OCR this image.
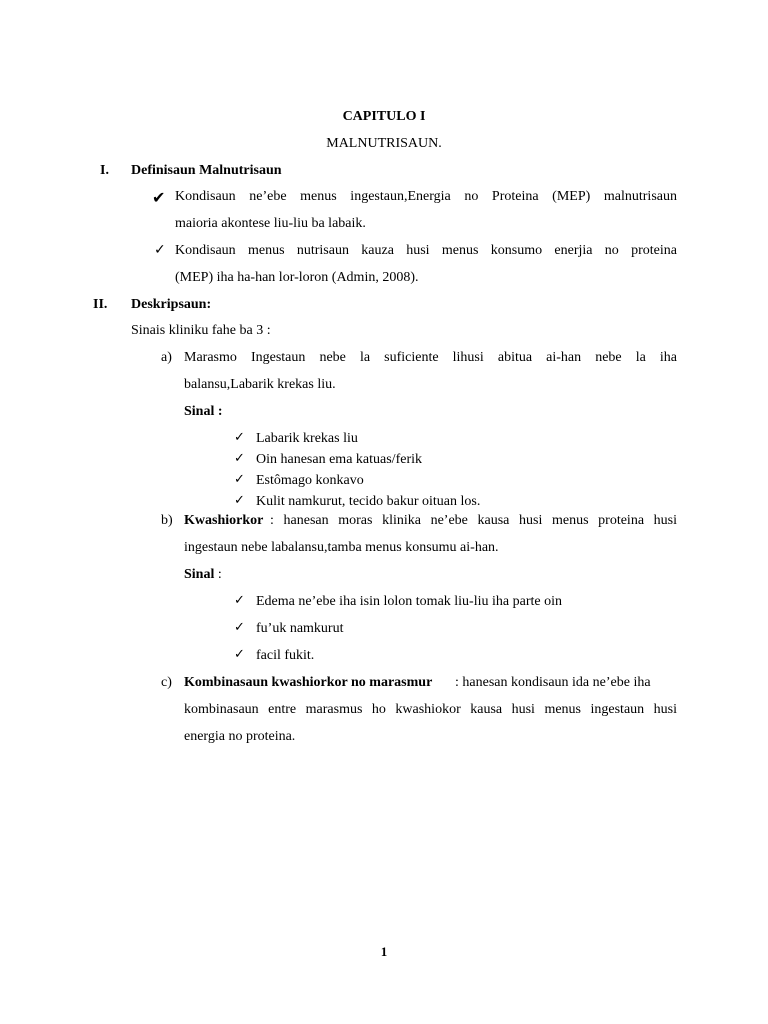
CAPITULO I
MALNUTRISAUN.
I. Definisaun Malnutrisaun
✔ Kondisaun ne’ebe menus ingestaun,Energia no Proteina (MEP) malnutrisaun
maioria akontese liu-liu ba labaik.
✓ Kondisaun menus nutrisaun kauza husi menus konsumo enerjia no proteina
(MEP) iha ha-han lor-loron (Admin, 2008).
II. Deskripsaun:
Sinais kliniku fahe ba 3 :
a) Marasmo Ingestaun nebe la suficiente lihusi abitua ai-han nebe la iha
balansu,Labarik krekas liu.
Sinal :
✓ Labarik krekas liu
✓ Oin hanesan ema katuas/ferik
✓ Estômago konkavo
✓ Kulit namkurut, tecido bakur oituan los.
b) Kwashiorkor : hanesan moras klinika ne’ebe kausa husi menus proteina husi
ingestaun nebe labalansu,tamba menus konsumu ai-han.
Sinal :
✓ Edema ne’ebe iha isin lolon tomak liu-liu iha parte oin
✓ fu’uk namkurut
✓ facil fukit.
c) Kombinasaun kwashiorkor no marasmur : hanesan kondisaun ida ne’ebe iha
kombinasaun entre marasmus ho kwashiokor kausa husi menus ingestaun husi
energia no proteina.
1
